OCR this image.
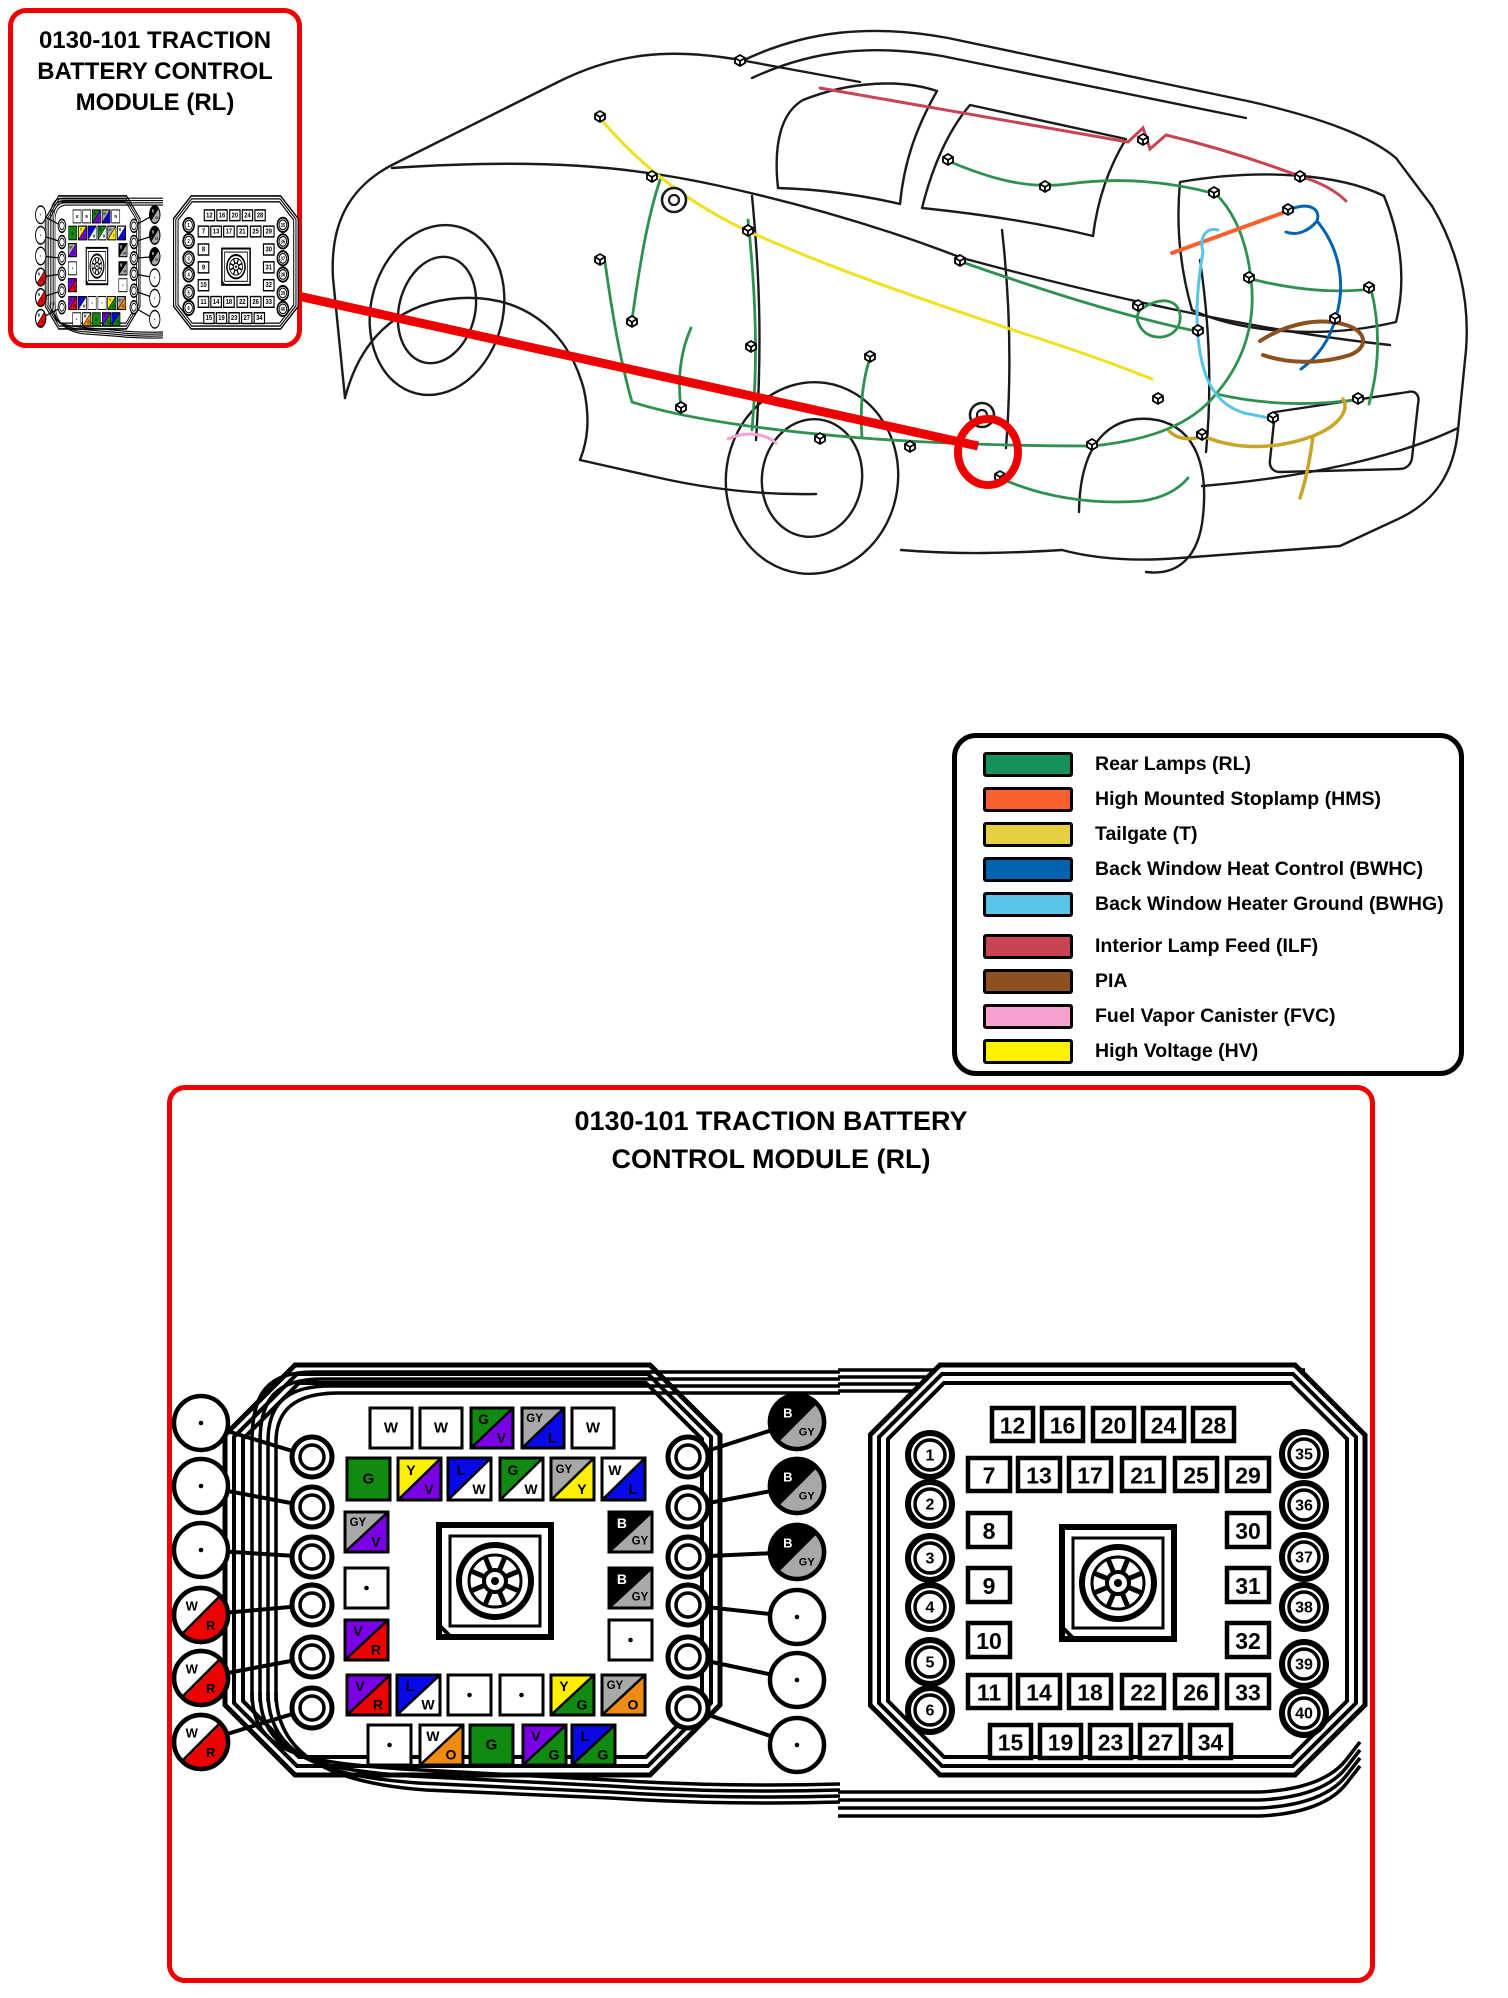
0130-101 TRACTION
BATTERY CONTROL
MODULE (RL)
W W G
V
GY
L
W
G Y
V
L
W
G
W
GY
Y
W
L
GY
V
V
R
B
GY
B
GY
V
R
L
W
Y
G
GY
O
W
O
G V
G
L
G
W
R
W
R
W
R
B
GY
B
GY
B
GY
12 16 20 24 28
7 13 17 21 25 29
8
9
10
30
31
32
11 14 18 22 26 33
15 19 23 27 34
1
2
3
4
5
6
35
36
37
38
39
40
Rear Lamps (RL)
High Mounted Stoplamp (HMS)
Tailgate (T)
Back Window Heat Control (BWHC)
Back Window Heater Ground (BWHG)
Interior Lamp Feed (ILF)
PIA
Fuel Vapor Canister (FVC)
High Voltage (HV)
0130-101 TRACTION BATTERY
CONTROL MODULE (RL)
W W
G
V
GY
L
W
G
Y
V
L
W
G
W
GY
Y
W
L
GY
V
V
R
B
GY
B
GY
V
R
L
W
Y
G
GY
O
W
O
G
V
G
L
G
W
R
W
R
W
R
B
GY
B
GY
B
GY
12 16 20 24 28
7 13 17 21 25 29
8
9
10
30
31
32
11 14 18 22 26 33
15 19 23 27 34
1
2
3
4
5
6
35
36
37
38
39
40
